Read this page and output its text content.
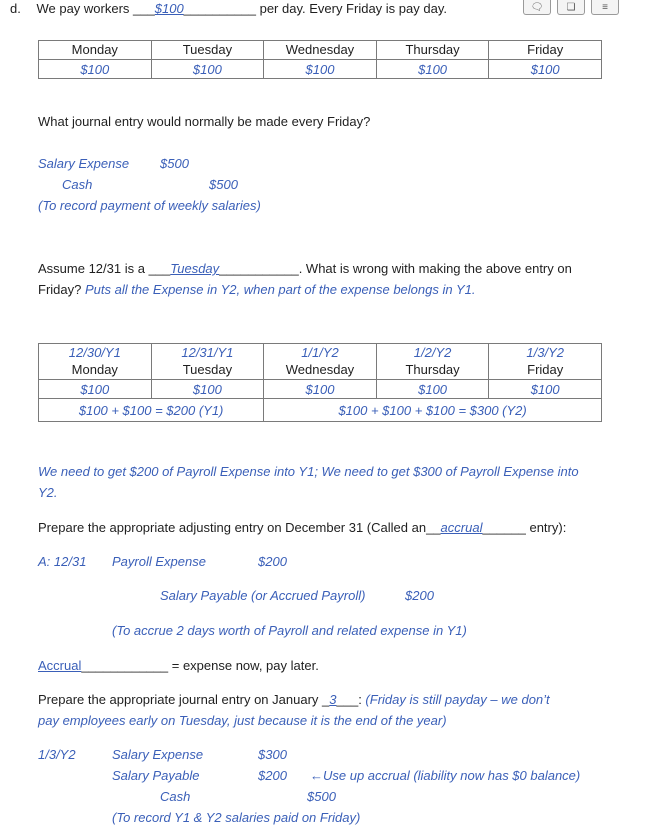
🗨	❏	≡
d. We pay workers ___$100__________ per day. Every Friday is pay day.
Monday	Tuesday	Wednesday	Thursday	Friday
$100	$100	$100	$100	$100
What journal entry would normally be made every Friday?
Salary Expense $500
Cash	$500
(To record payment of weekly salaries)
Assume 12/31 is a ___Tuesday___________. What is wrong with making the above entry on
Friday? Puts all the Expense in Y2, when part of the expense belongs in Y1.
12/30/Y1	12/31/Y1	1/1/Y2	1/2/Y2	1/3/Y2
Monday	Tuesday	Wednesday	Thursday	Friday
$100	$100	$100	$100	$100
$100 + $100 = $200 (Y1)		$100 + $100 + $100 = $300 (Y2)		
We need to get $200 of Payroll Expense into Y1; We need to get $300 of Payroll Expense into
Y2.
Prepare the appropriate adjusting entry on December 31 (Called an__accrual______ entry):
A: 12/31 Payroll Expense	$200
Salary Payable (or Accrued Payroll)	$200
(To accrue 2 days worth of Payroll and related expense in Y1)
Accrual____________ = expense now, pay later.
Prepare the appropriate journal entry on January _3___: (Friday is still payday – we don’t
pay employees early on Tuesday, just because it is the end of the year)
1/3/Y2	Salary Expense	$300
Salary Payable	$200 ←Use up accrual (liability now has $0 balance)
Cash	$500
(To record Y1 & Y2 salaries paid on Friday)
